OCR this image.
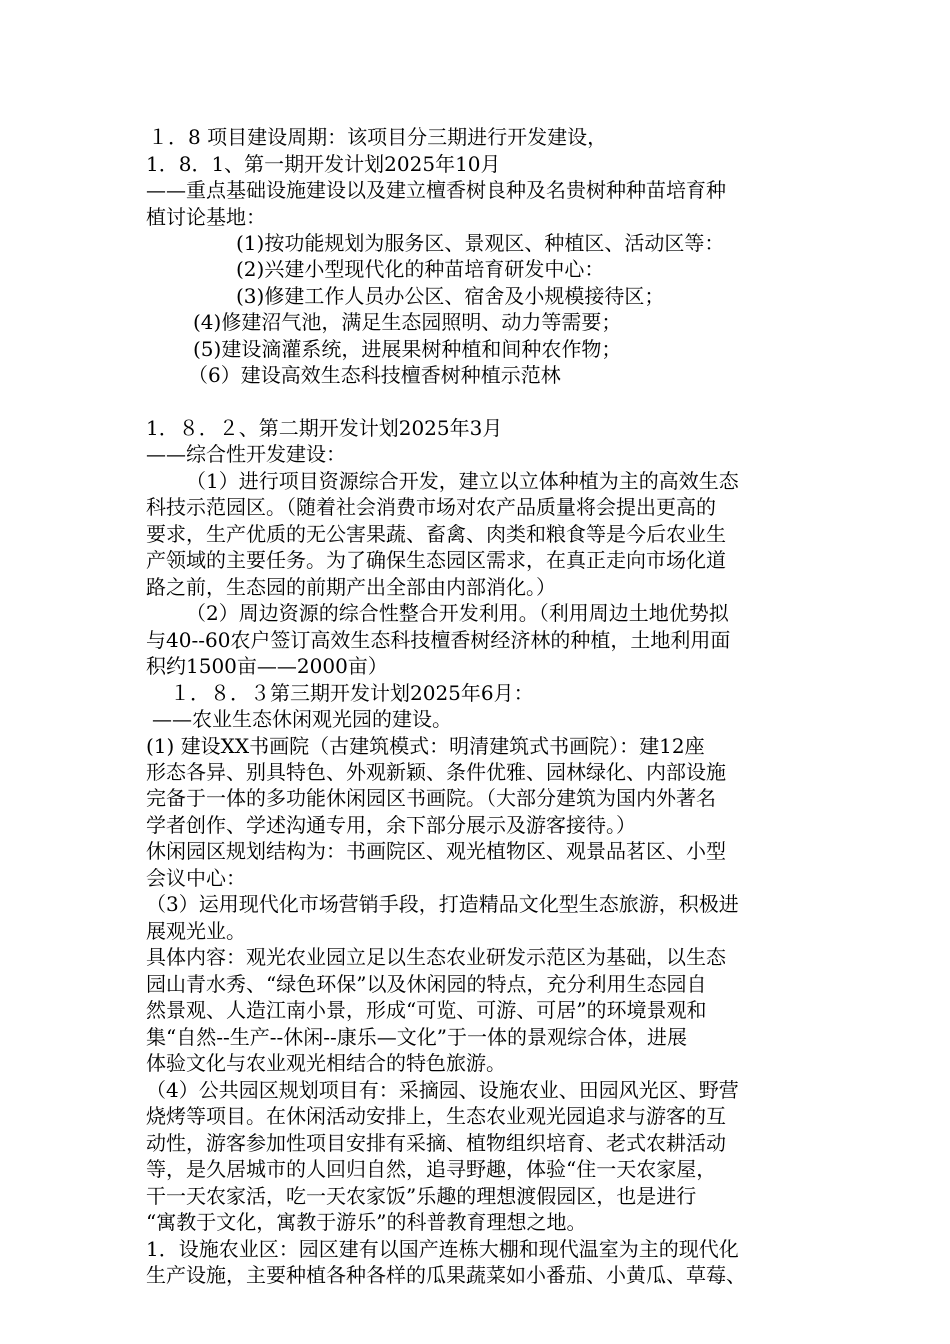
１．8 项目建设周期：该项目分三期进行开发建设，
1．8．1、第一期开发计划2025年10月
——重点基础设施建设以及建立檀香树良种及名贵树种种苗培育种
植讨论基地：
(1)按功能规划为服务区、景观区、种植区、活动区等：
(2)兴建小型现代化的种苗培育研发中心：
(3)修建工作人员办公区、宿舍及小规模接待区；
(4)修建沼气池，满足生态园照明、动力等需要；
(5)建设滴灌系统，进展果树种植和间种农作物；
（6）建设高效生态科技檀香树种植示范林
1．８．２、第二期开发计划2025年3月
——综合性开发建设：
（1）进行项目资源综合开发，建立以立体种植为主的高效生态
科技示范园区。（随着社会消费市场对农产品质量将会提出更高的
要求，生产优质的无公害果蔬、畜禽、肉类和粮食等是今后农业生
产领域的主要任务。为了确保生态园区需求，在真正走向市场化道
路之前，生态园的前期产出全部由内部消化。）
（2）周边资源的综合性整合开发利用。（利用周边土地优势拟
与40--60农户签订高效生态科技檀香树经济林的种植，土地利用面
积约1500亩——2000亩）
１．８．３第三期开发计划2025年6月：
——农业生态休闲观光园的建设。
(1) 建设XX书画院（古建筑模式：明清建筑式书画院）：建12座
形态各异、别具特色、外观新颖、条件优雅、园林绿化、内部设施
完备于一体的多功能休闲园区书画院。（大部分建筑为国内外著名
学者创作、学述沟通专用，余下部分展示及游客接待。）
休闲园区规划结构为：书画院区、观光植物区、观景品茗区、小型
会议中心：
（3）运用现代化市场营销手段，打造精品文化型生态旅游，积极进
展观光业。
具体内容：观光农业园立足以生态农业研发示范区为基础，以生态
园山青水秀、“绿色环保”以及休闲园的特点，充分利用生态园自
然景观、人造江南小景，形成“可览、可游、可居”的环境景观和
集“自然--生产--休闲--康乐—文化”于一体的景观综合体，进展
体验文化与农业观光相结合的特色旅游。
（4）公共园区规划项目有：采摘园、设施农业、田园风光区、野营
烧烤等项目。在休闲活动安排上，生态农业观光园追求与游客的互
动性，游客参加性项目安排有采摘、植物组织培育、老式农耕活动
等，是久居城市的人回归自然，追寻野趣，体验“住一天农家屋，
干一天农家活，吃一天农家饭”乐趣的理想渡假园区，也是进行
“寓教于文化，寓教于游乐”的科普教育理想之地。
1．设施农业区：园区建有以国产连栋大棚和现代温室为主的现代化
生产设施，主要种植各种各样的瓜果蔬菜如小番茄、小黄瓜、草莓、
